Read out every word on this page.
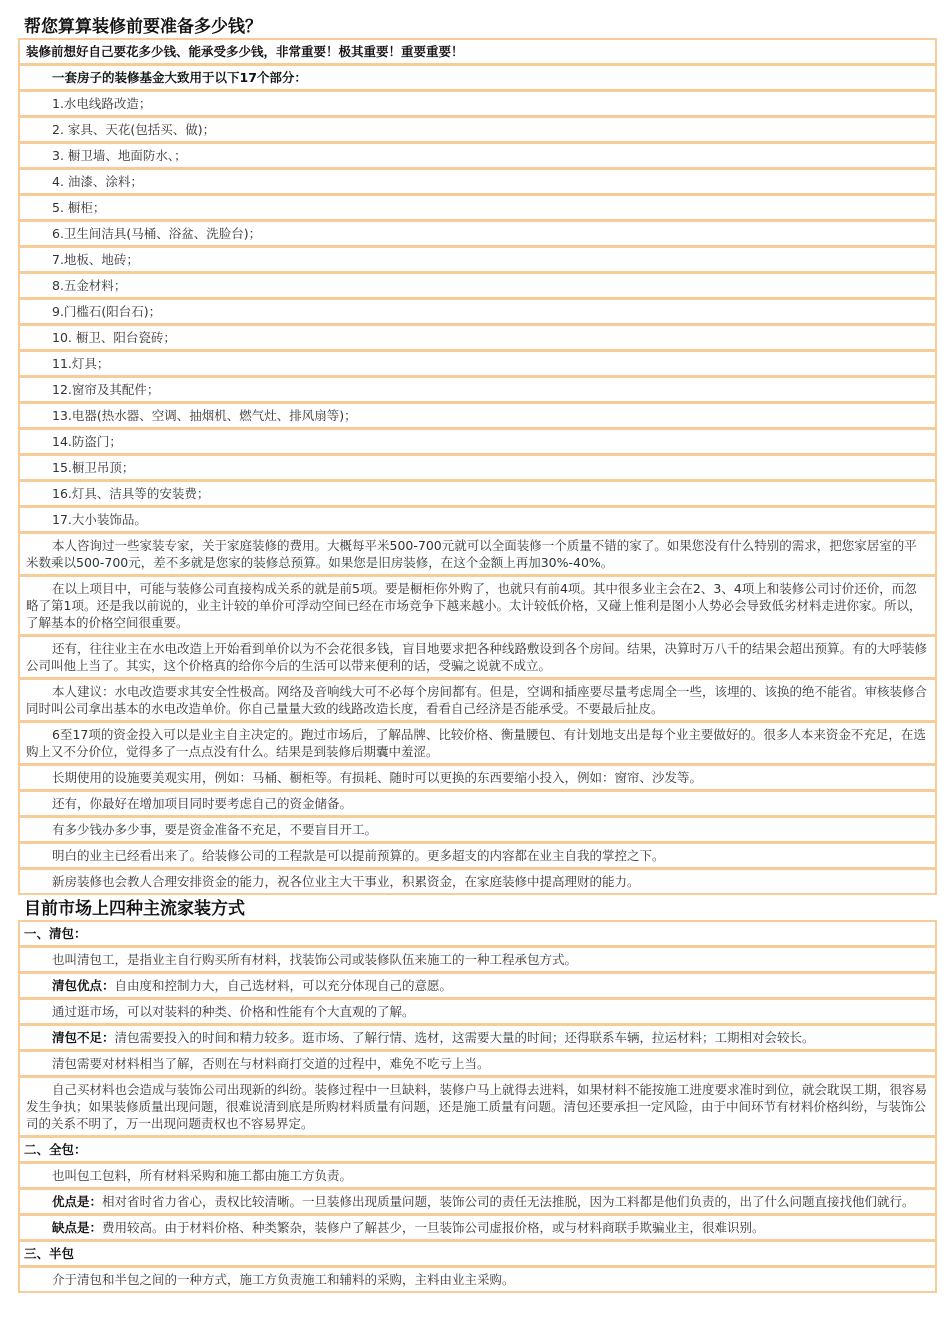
帮您算算装修前要准备多少钱？
装修前想好自己要花多少钱、能承受多少钱，非常重要！极其重要！重要重要！
一套房子的装修基金大致用于以下17个部分：
1.水电线路改造；
2. 家具、天花(包括买、做)；
3. 橱卫墙、地面防水、；
4. 油漆、涂料；
5. 橱柜；
6.卫生间洁具(马桶、浴盆、洗脸台)；
7.地板、地砖；
8.五金材料；
9.门槛石(阳台石)；
10. 橱卫、阳台瓷砖；
11.灯具；
12.窗帘及其配件；
13.电器(热水器、空调、抽烟机、燃气灶、排风扇等)；
14.防盗门；
15.橱卫吊顶；
16.灯具、洁具等的安装费；
17.大小装饰品。
本人咨询过一些家装专家，关于家庭装修的费用。大概每平米500-700元就可以全面装修一个质量不错的家了。如果您没有什么特别的需求，把您家居室的平米数乘以500-700元，差不多就是您家的装修总预算。如果您是旧房装修，在这个金额上再加30%-40%。
在以上项目中，可能与装修公司直接构成关系的就是前5项。要是橱柜你外购了，也就只有前4项。其中很多业主会在2、3、4项上和装修公司讨价还价，而忽略了第1项。还是我以前说的，业主计较的单价可浮动空间已经在市场竞争下越来越小。太计较低价格，又碰上惟利是图小人势必会导致低劣材料走进你家。所以，了解基本的价格空间很重要。
还有，往往业主在水电改造上开始看到单价以为不会花很多钱，盲目地要求把各种线路敷设到各个房间。结果，决算时万八千的结果会超出预算。有的大呼装修公司叫他上当了。其实，这个价格真的给你今后的生活可以带来便利的话，受骗之说就不成立。
本人建议：水电改造要求其安全性极高。网络及音响线大可不必每个房间都有。但是，空调和插座要尽量考虑周全一些，该埋的、该换的绝不能省。审核装修合同时叫公司拿出基本的水电改造单价。你自己量量大致的线路改造长度，看看自己经济是否能承受。不要最后扯皮。
6至17项的资金投入可以是业主自主决定的。跑过市场后，了解品牌、比较价格、衡量腰包、有计划地支出是每个业主要做好的。很多人本来资金不充足，在选购上又不分价位，觉得多了一点点没有什么。结果是到装修后期囊中羞涩。
长期使用的设施要美观实用，例如：马桶、橱柜等。有损耗、随时可以更换的东西要缩小投入，例如：窗帘、沙发等。
还有，你最好在增加项目同时要考虑自己的资金储备。
有多少钱办多少事，要是资金准备不充足，不要盲目开工。
明白的业主已经看出来了。给装修公司的工程款是可以提前预算的。更多超支的内容都在业主自我的掌控之下。
新房装修也会教人合理安排资金的能力，祝各位业主大干事业，积累资金，在家庭装修中提高理财的能力。
目前市场上四种主流家装方式
一、清包：
也叫清包工，是指业主自行购买所有材料，找装饰公司或装修队伍来施工的一种工程承包方式。
清包优点：自由度和控制力大，自己选材料，可以充分体现自己的意愿。
通过逛市场，可以对装料的种类、价格和性能有个大直观的了解。
清包不足：清包需要投入的时间和精力较多。逛市场、了解行情、选材，这需要大量的时间；还得联系车辆，拉运材料；工期相对会较长。
清包需要对材料相当了解，否则在与材料商打交道的过程中，难免不吃亏上当。
自己买材料也会造成与装饰公司出现新的纠纷。装修过程中一旦缺料，装修户马上就得去进料，如果材料不能按施工进度要求准时到位，就会耽误工期，很容易发生争执；如果装修质量出现问题，很难说清到底是所购材料质量有问题，还是施工质量有问题。清包还要承担一定风险，由于中间环节有材料价格纠纷，与装饰公司的关系不明了，万一出现问题责权也不容易界定。
二、全包：
也叫包工包料，所有材料采购和施工都由施工方负责。
优点是：相对省时省力省心，责权比较清晰。一旦装修出现质量问题，装饰公司的责任无法推脱，因为工料都是他们负责的，出了什么问题直接找他们就行。
缺点是：费用较高。由于材料价格、种类繁杂，装修户了解甚少，一旦装饰公司虚报价格，或与材料商联手欺骗业主，很难识别。
三、半包
介于清包和半包之间的一种方式，施工方负责施工和辅料的采购，主料由业主采购。
